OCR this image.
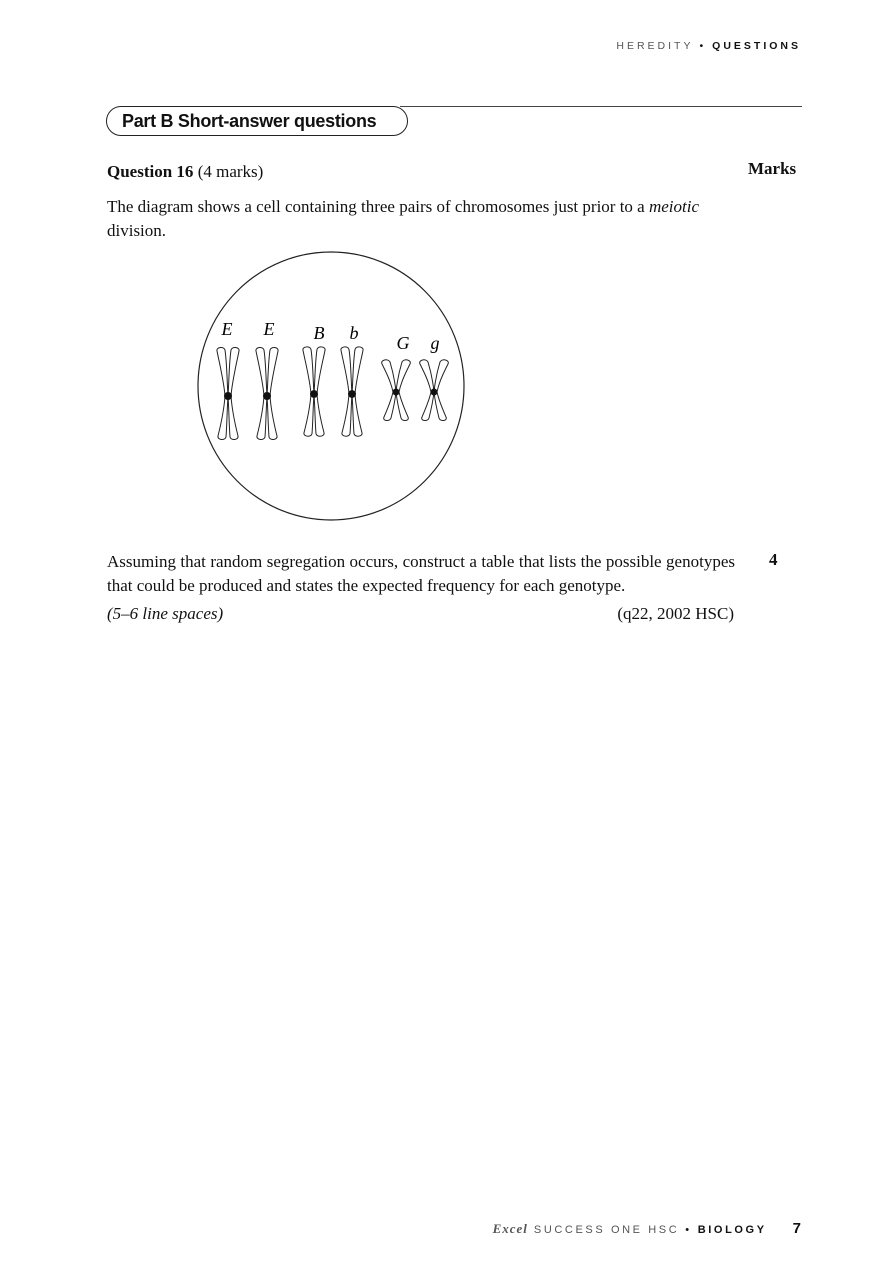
HEREDITY • QUESTIONS
Part B Short-answer questions
Question 16 (4 marks)	Marks
The diagram shows a cell containing three pairs of chromosomes just prior to a meiotic division.
E E B b G g
Assuming that random segregation occurs, construct a table that lists the possible genotypes that could be produced and states the expected frequency for each genotype.
4
(5–6 line spaces)	(q22, 2002 HSC)
Excel SUCCESS ONE HSC • BIOLOGY 7
